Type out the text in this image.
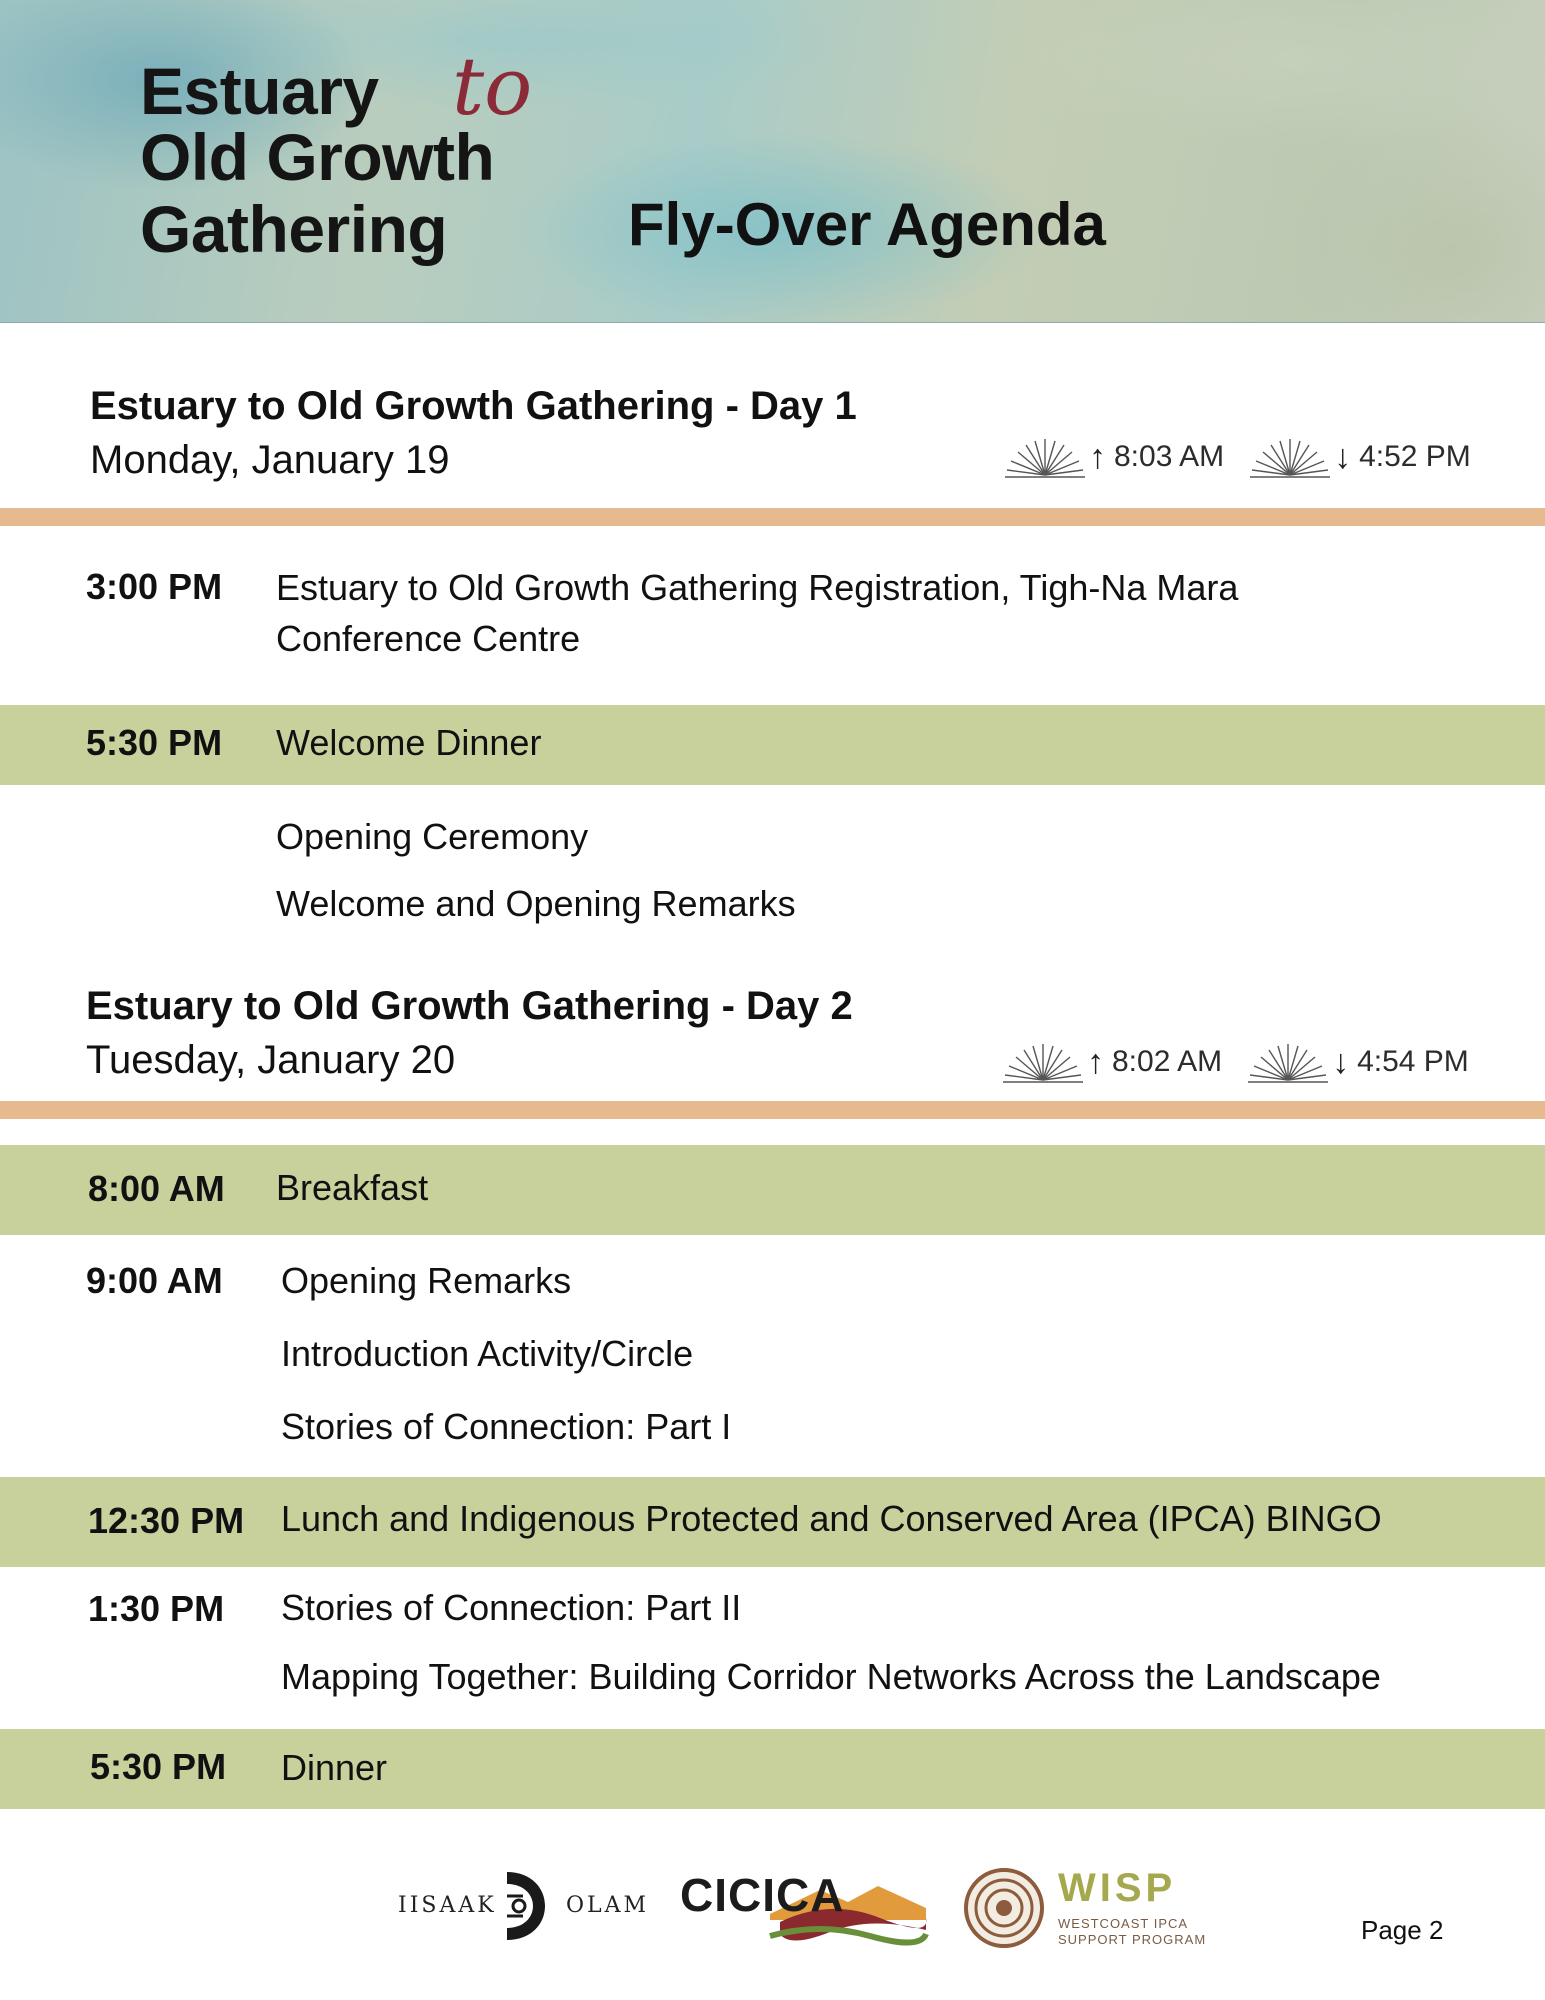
Estuary to
Old Growth
Gathering	Fly-Over Agenda
Estuary to Old Growth Gathering - Day 1
Monday, January 19	↑ 8:03 AM	↓ 4:52 PM
3:00 PM Estuary to Old Growth Gathering Registration, Tigh-Na Mara
Conference Centre
5:30 PM Welcome Dinner
Opening Ceremony
Welcome and Opening Remarks
Estuary to Old Growth Gathering - Day 2
Tuesday, January 20	↑ 8:02 AM	↓ 4:54 PM
8:00 AM Breakfast
9:00 AM Opening Remarks
Introduction Activity/Circle
Stories of Connection: Part I
12:30 PM Lunch and Indigenous Protected and Conserved Area (IPCA) BINGO
1:30 PM Stories of Connection: Part II
Mapping Together: Building Corridor Networks Across the Landscape
5:30 PM Dinner
IISAAK	OLAM CICICA	WISP
WESTCOAST IPCA
SUPPORT PROGRAM	Page 2
